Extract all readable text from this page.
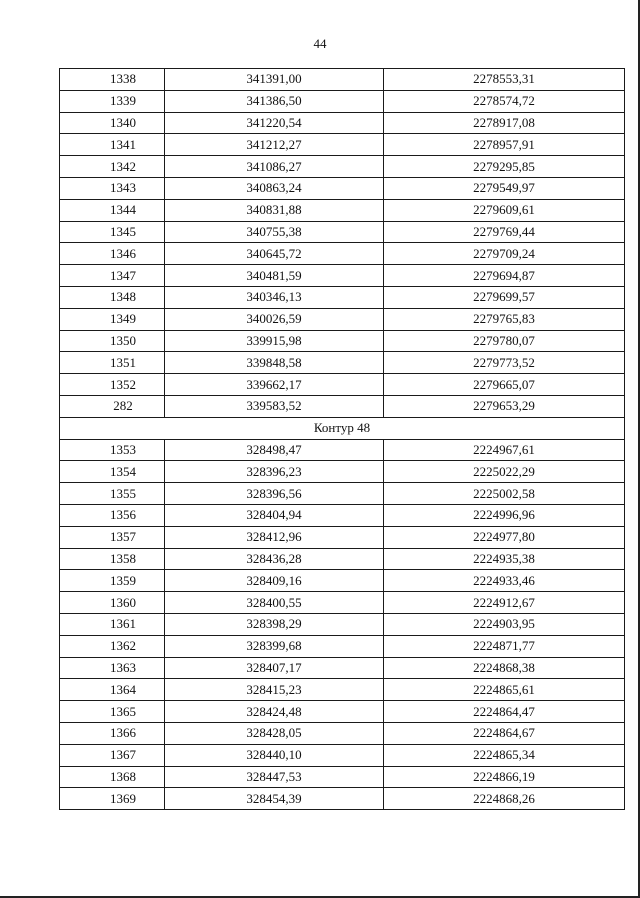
44
1338	341391,00	2278553,31
1339	341386,50	2278574,72
1340	341220,54	2278917,08
1341	341212,27	2278957,91
1342	341086,27	2279295,85
1343	340863,24	2279549,97
1344	340831,88	2279609,61
1345	340755,38	2279769,44
1346	340645,72	2279709,24
1347	340481,59	2279694,87
1348	340346,13	2279699,57
1349	340026,59	2279765,83
1350	339915,98	2279780,07
1351	339848,58	2279773,52
1352	339662,17	2279665,07
282	339583,52	2279653,29
Контур 48		
1353	328498,47	2224967,61
1354	328396,23	2225022,29
1355	328396,56	2225002,58
1356	328404,94	2224996,96
1357	328412,96	2224977,80
1358	328436,28	2224935,38
1359	328409,16	2224933,46
1360	328400,55	2224912,67
1361	328398,29	2224903,95
1362	328399,68	2224871,77
1363	328407,17	2224868,38
1364	328415,23	2224865,61
1365	328424,48	2224864,47
1366	328428,05	2224864,67
1367	328440,10	2224865,34
1368	328447,53	2224866,19
1369	328454,39	2224868,26
